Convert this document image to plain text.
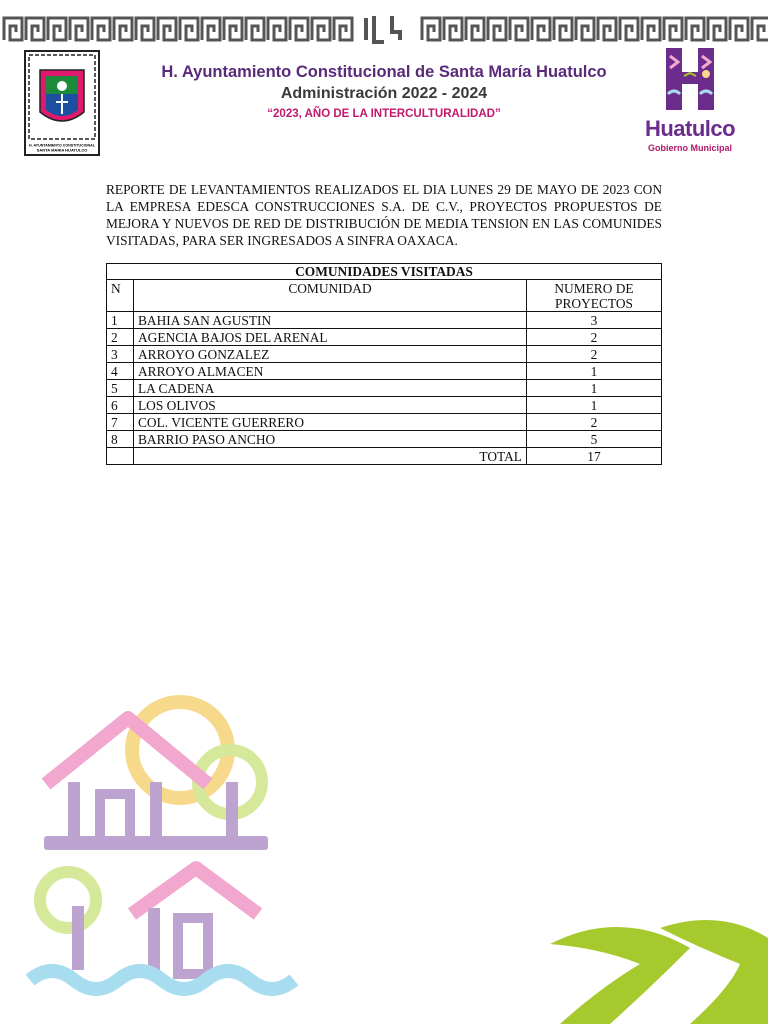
H. AYUNTAMIENTO CONSTITUCIONAL
SANTA MARIA HUATULCO

H. Ayuntamiento Constitucional de Santa María Huatulco

Administración 2022 - 2024

“2023, AÑO DE LA INTERCULTURALIDAD”

Huatulco
Gobierno Municipal

REPORTE DE LEVANTAMIENTOS REALIZADOS EL DIA LUNES 29 DE MAYO DE 2023 CON LA EMPRESA EDESCA CONSTRUCCIONES S.A. DE C.V., PROYECTOS PROPUESTOS DE MEJORA Y NUEVOS DE RED DE DISTRIBUCIÓN DE MEDIA TENSION EN LAS COMUNIDES VISITADAS, PARA SER INGRESADOS A SINFRA OAXACA.

COMUNIDADES VISITADAS		
N	COMUNIDAD	NUMERO DE PROYECTOS
1	BAHIA SAN AGUSTIN	3
2	AGENCIA BAJOS DEL ARENAL	2
3	ARROYO GONZALEZ	2
4	ARROYO ALMACEN	1
5	LA CADENA	1
6	LOS OLIVOS	1
7	COL. VICENTE GUERRERO	2
8	BARRIO PASO ANCHO	5
	TOTAL	17
